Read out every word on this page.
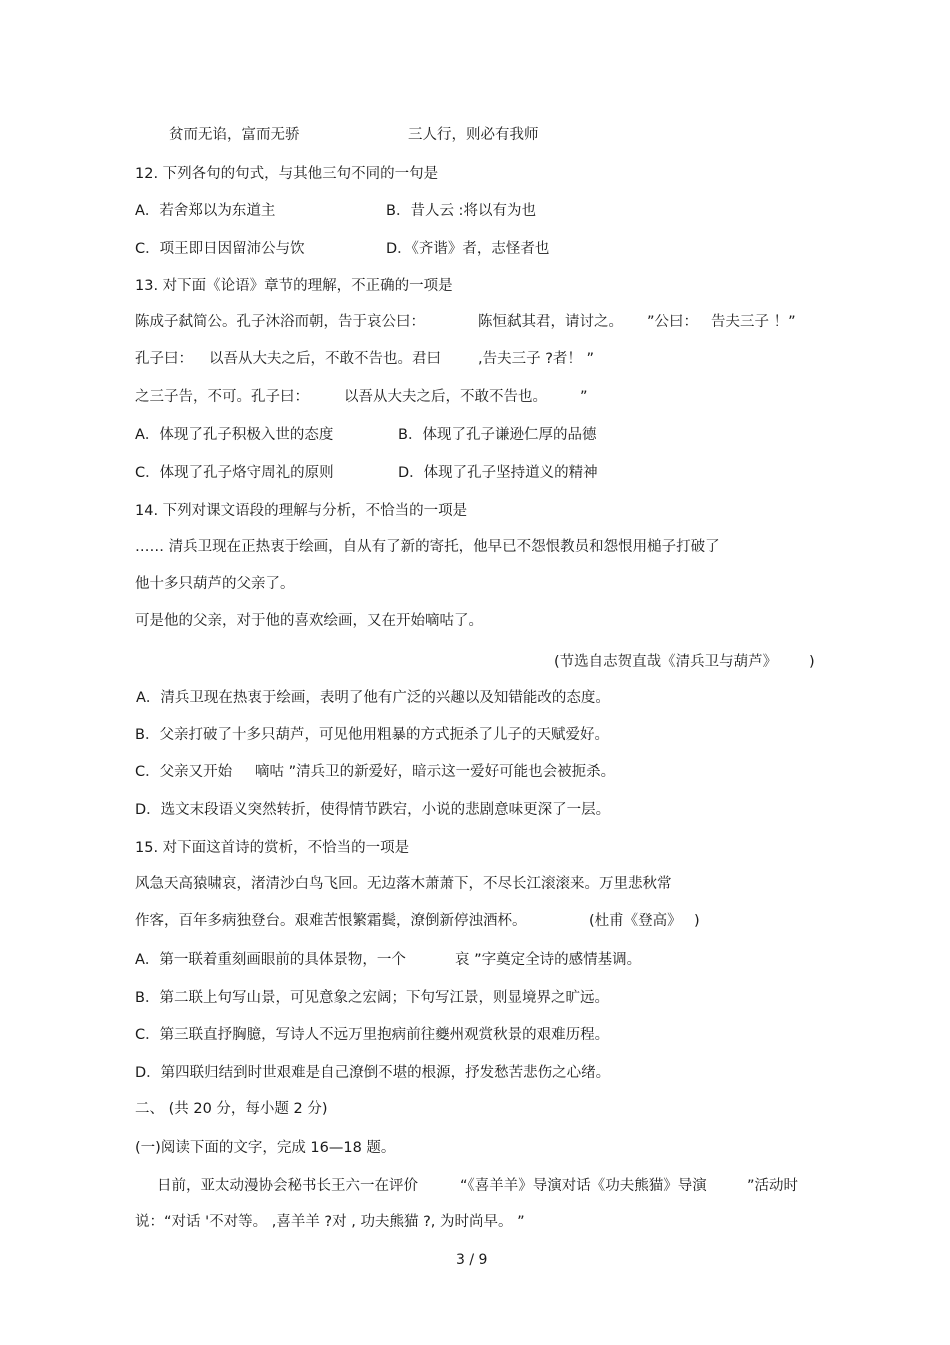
贫而无谄，富而无骄	三人行，则必有我师
12. 下列各句的句式，与其他三句不同的一句是
A．若舍郑以为东道主	B．昔人云 :将以有为也
C．项王即日因留沛公与饮	D．《齐谐》者，志怪者也
13. 对下面《论语》章节的理解，不正确的一项是
陈成子弑简公。孔子沐浴而朝，告于哀公曰：	陈恒弑其君，请讨之。 ”公曰： 告夫三子 ！”
孔子曰： 以吾从大夫之后，不敢不告也。君曰	,告夫三子 ?者！ ”
之三子告，不可。孔子曰： 以吾从大夫之后，不敢不告也。 ”
A．体现了孔子积极入世的态度	B．体现了孔子谦逊仁厚的品德
C．体现了孔子烙守周礼的原则	D．体现了孔子坚持道义的精神
14. 下列对课文语段的理解与分析，不恰当的一项是
…… 清兵卫现在正热衷于绘画，自从有了新的寄托，他早已不怨恨教员和怨恨用槌子打破了
他十多只葫芦的父亲了。
可是他的父亲，对于他的喜欢绘画，又在开始嘀咕了。
(节选自志贺直哉《清兵卫与葫芦》 )
A．清兵卫现在热衷于绘画，表明了他有广泛的兴趣以及知错能改的态度。
B．父亲打破了十多只葫芦，可见他用粗暴的方式扼杀了儿子的天赋爱好。
C．父亲又开始 嘀咕 ”清兵卫的新爱好，暗示这一爱好可能也会被扼杀。
D．选文末段语义突然转折，使得情节跌宕，小说的悲剧意味更深了一层。
15. 对下面这首诗的赏析，不恰当的一项是
风急天高猿啸哀，渚清沙白鸟飞回。无边落木萧萧下，不尽长江滚滚来。万里悲秋常
作客，百年多病独登台。艰难苦恨繁霜鬓，潦倒新停浊酒杯。	(杜甫《登高》 )
A．第一联着重刻画眼前的具体景物，一个	哀 ”字奠定全诗的感情基调。
B．第二联上句写山景，可见意象之宏阔；下句写江景，则显境界之旷远。
C．第三联直抒胸臆，写诗人不远万里抱病前往夔州观赏秋景的艰难历程。
D．第四联归结到时世艰难是自己潦倒不堪的根源，抒发愁苦悲伤之心绪。
二、 (共 20 分，每小题 2 分)
(一)阅读下面的文字，完成 16—18 题。
日前，亚太动漫协会秘书长王六一在评价	“《喜羊羊》导演对话《功夫熊猫》导演	”活动时
说：“对话 '不对等。 ,喜羊羊 ?对 , 功夫熊猫 ?, 为时尚早。 ”
3 / 9
